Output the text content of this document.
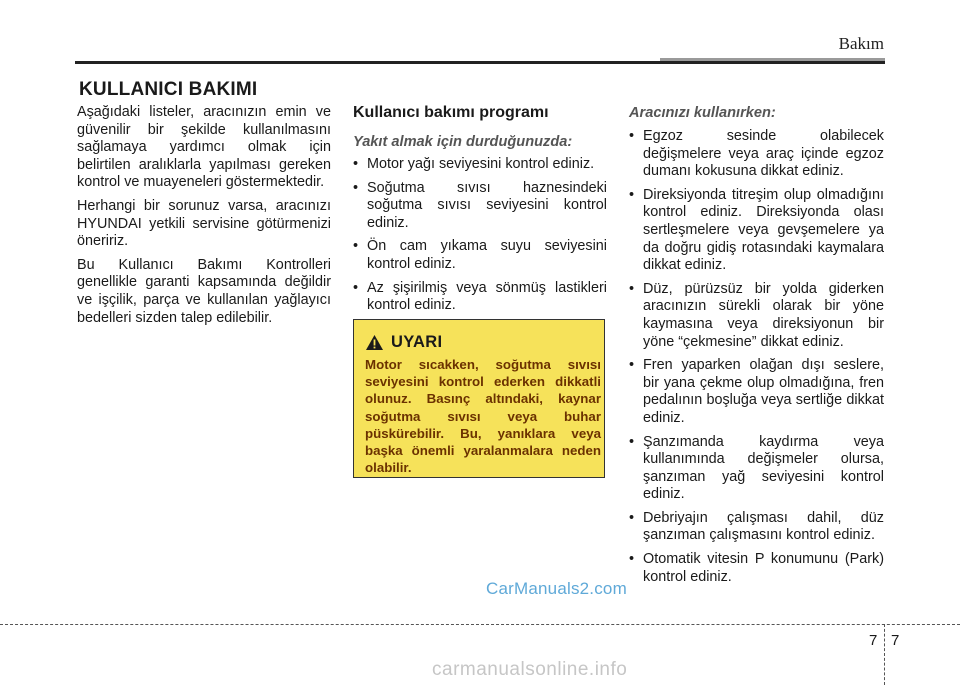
Bakım
KULLANICI BAKIMI

Aşağıdaki listeler, aracınızın emin ve güvenilir bir şekilde kullanılmasını sağlamaya yardımcı olmak için belirtilen aralıklarla yapılması gereken kontrol ve muayeneleri göstermektedir.

Herhangi bir sorunuz varsa, aracınızı HYUNDAI yetkili servisine götürmenizi öneririz.

Bu Kullanıcı Bakımı Kontrolleri genellikle garanti kapsamında değildir ve işçilik, parça ve kullanılan yağlayıcı bedelleri sizden talep edilebilir.

Kullanıcı bakımı programı
Yakıt almak için durduğunuzda:
• Motor yağı seviyesini kontrol ediniz.
• Soğutma sıvısı haznesindeki soğutma sıvısı seviyesini kontrol ediniz.
• Ön cam yıkama suyu seviyesini kontrol ediniz.
• Az şişirilmiş veya sönmüş lastikleri kontrol ediniz.
UYARI
Motor sıcakken, soğutma sıvısı seviyesini kontrol ederken dikkatli olunuz. Basınç altındaki, kaynar soğutma sıvısı veya buhar püskürebilir. Bu, yanıklara veya başka önemli yaralanmalara neden olabilir.
Aracınızı kullanırken:
• Egzoz sesinde olabilecek değişmelere veya araç içinde egzoz dumanı kokusuna dikkat ediniz.
• Direksiyonda titreşim olup olmadığını kontrol ediniz. Direksiyonda olası sertleşmelere veya gevşemelere ya da doğru gidiş rotasındaki kaymalara dikkat ediniz.
• Düz, pürüzsüz bir yolda giderken aracınızın sürekli olarak bir yöne kaymasına veya direksiyonun bir yöne “çekmesine” dikkat ediniz.
• Fren yaparken olağan dışı seslere, bir yana çekme olup olmadığına, fren pedalının boşluğa veya sertliğe dikkat ediniz.
• Şanzımanda kaydırma veya kullanımında değişmeler olursa, şanzıman yağ seviyesini kontrol ediniz.
• Debriyajın çalışması dahil, düz şanzıman çalışmasını kontrol ediniz.
• Otomatik vitesin P konumunu (Park) kontrol ediniz.
CarManuals2.com
7 7
carmanualsonline.info
